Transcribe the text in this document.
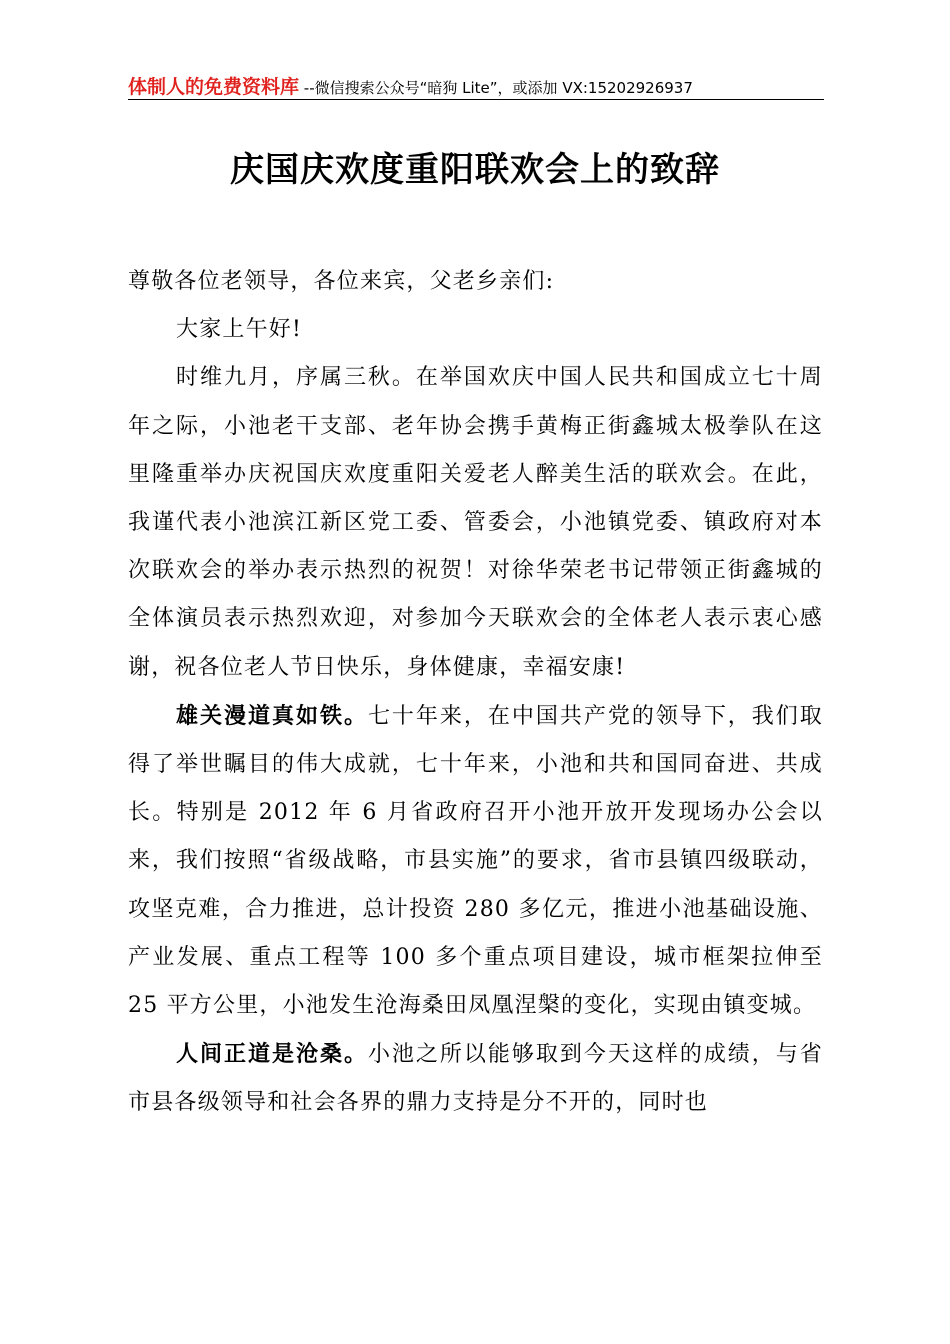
体制人的免费资料库 --微信搜索公众号“暗狗 Lite”，或添加 VX:15202926937
庆国庆欢度重阳联欢会上的致辞

尊敬各位老领导，各位来宾，父老乡亲们:

大家上午好!

时维九月，序属三秋。在举国欢庆中国人民共和国成立七十周年之际，小池老干支部、老年协会携手黄梅正街鑫城太极拳队在这里隆重举办庆祝国庆欢度重阳关爱老人醉美生活的联欢会。在此，我谨代表小池滨江新区党工委、管委会，小池镇党委、镇政府对本次联欢会的举办表示热烈的祝贺！对徐华荣老书记带领正街鑫城的全体演员表示热烈欢迎，对参加今天联欢会的全体老人表示衷心感谢，祝各位老人节日快乐，身体健康，幸福安康!

雄关漫道真如铁。七十年来，在中国共产党的领导下，我们取得了举世瞩目的伟大成就，七十年来，小池和共和国同奋进、共成长。特别是 2012 年 6 月省政府召开小池开放开发现场办公会以来，我们按照“省级战略，市县实施”的要求，省市县镇四级联动，攻坚克难，合力推进，总计投资 280 多亿元，推进小池基础设施、产业发展、重点工程等 100 多个重点项目建设，城市框架拉伸至 25 平方公里，小池发生沧海桑田凤凰涅槃的变化，实现由镇变城。

人间正道是沧桑。小池之所以能够取到今天这样的成绩，与省市县各级领导和社会各界的鼎力支持是分不开的，同时也
